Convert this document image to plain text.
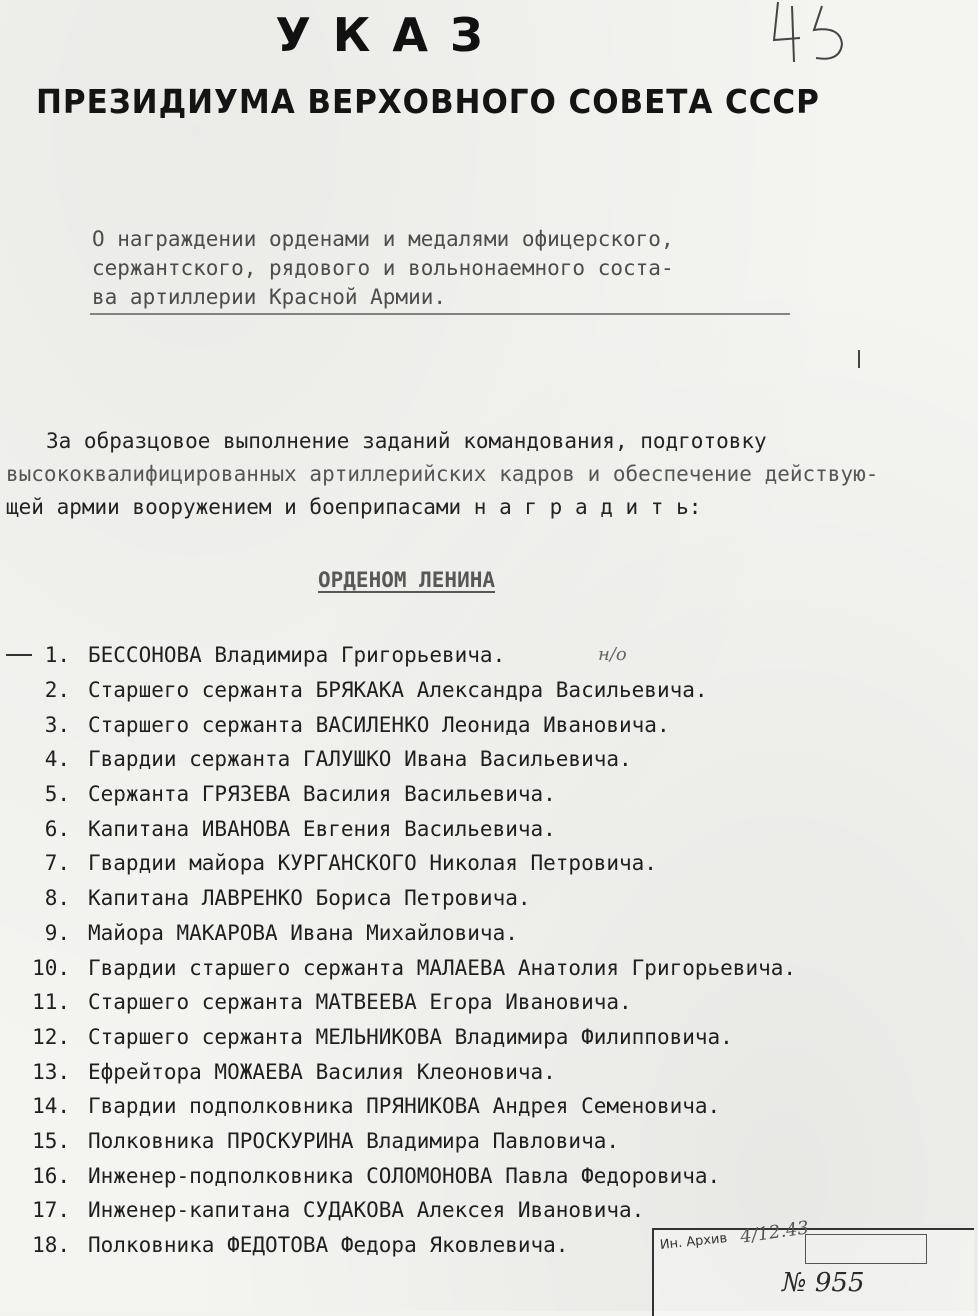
УКАЗ
ПРЕЗИДИУМА ВЕРХОВНОГО СОВЕТА СССР

О награждении орденами и медалями офицерского,
сержантского, рядового и вольнонаемного соста-
ва артиллерии Красной Армии.

За образцовое выполнение заданий командования, подготовку
высококвалифицированных артиллерийских кадров и обеспечение действую-
щей армии вооружением и боеприпасами н а г р а д и т ь:

ОРДЕНОМ ЛЕНИНА
н/о
1. БЕССОНОВА Владимира Григорьевича.
2. Старшего сержанта БРЯКАКА Александра Васильевича.
3. Старшего сержанта ВАСИЛЕНКО Леонида Ивановича.
4. Гвардии сержанта ГАЛУШКО Ивана Васильевича.
5. Сержанта ГРЯЗЕВА Василия Васильевича.
6. Капитана ИВАНОВА Евгения Васильевича.
7. Гвардии майора КУРГАНСКОГО Николая Петровича.
8. Капитана ЛАВРЕНКО Бориса Петровича.
9. Майора МАКАРОВА Ивана Михайловича.
10. Гвардии старшего сержанта МАЛАЕВА Анатолия Григорьевича.
11. Старшего сержанта МАТВЕЕВА Егора Ивановича.
12. Старшего сержанта МЕЛЬНИКОВА Владимира Филипповича.
13. Ефрейтора МОЖАЕВА Василия Клеоновича.
14. Гвардии подполковника ПРЯНИКОВА Андрея Семеновича.
15. Полковника ПРОСКУРИНА Владимира Павловича.
16. Инженер-подполковника СОЛОМОНОВА Павла Федоровича.
17. Инженер-капитана СУДАКОВА Алексея Ивановича.
18. Полковника ФЕДОТОВА Федора Яковлевича.	Ин. Архив 4/12.43
№ 955
